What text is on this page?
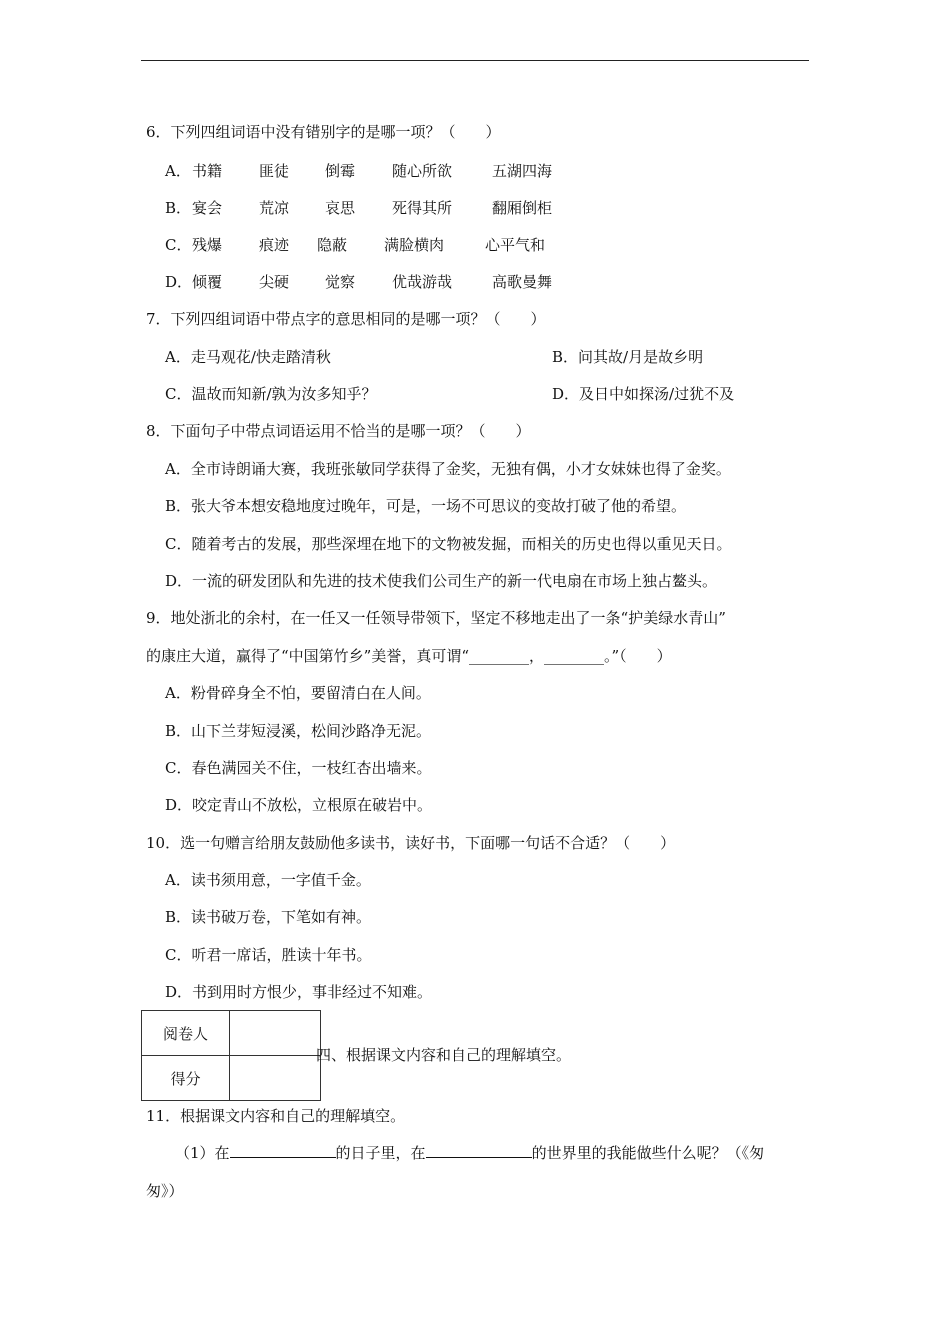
6．下列四组词语中没有错别字的是哪一项？（　　）
A． 书籍 匪徒 倒霉 随心所欲	五湖四海
B． 宴会 荒凉 哀思 死得其所	翻厢倒柜
C． 残爆 痕迹 隐蔽 满脸横肉	心平气和
D． 倾覆 尖硬 觉察 优哉游哉	高歌曼舞
7．下列四组词语中带点字的意思相同的是哪一项？（　　）
A．走马观花/快走踏清秋	B．问其故/月是故乡明
C．温故而知新/孰为汝多知乎？	D．及日中如探汤/过犹不及
8．下面句子中带点词语运用不恰当的是哪一项？（　　）
A．全市诗朗诵大赛，我班张敏同学获得了金奖，无独有偶，小才女妹妹也得了金奖。
B．张大爷本想安稳地度过晚年，可是，一场不可思议的变故打破了他的希望。
C．随着考古的发展，那些深埋在地下的文物被发掘，而相关的历史也得以重见天日。
D．一流的研发团队和先进的技术使我们公司生产的新一代电扇在市场上独占鳌头。
9．地处浙北的余村，在一任又一任领导带领下，坚定不移地走出了一条“护美绿水青山”
的康庄大道，赢得了“中国第竹乡”美誉，真可谓“________，________。”（　　）
A．粉骨碎身全不怕，要留清白在人间。
B．山下兰芽短浸溪，松间沙路净无泥。
C．春色满园关不住，一枝红杏出墙来。
D．咬定青山不放松，立根原在破岩中。
10．选一句赠言给朋友鼓励他多读书，读好书，下面哪一句话不合适？（　　）
A．读书须用意，一字值千金。
B．读书破万卷，下笔如有神。
C．听君一席话，胜读十年书。
D．书到用时方恨少，事非经过不知难。
阅卷人	
得分	
四、根据课文内容和自己的理解填空。
11．根据课文内容和自己的理解填空。
（1）在	的日子里，在	的世界里的我能做些什么呢？（《匆
匆》）
